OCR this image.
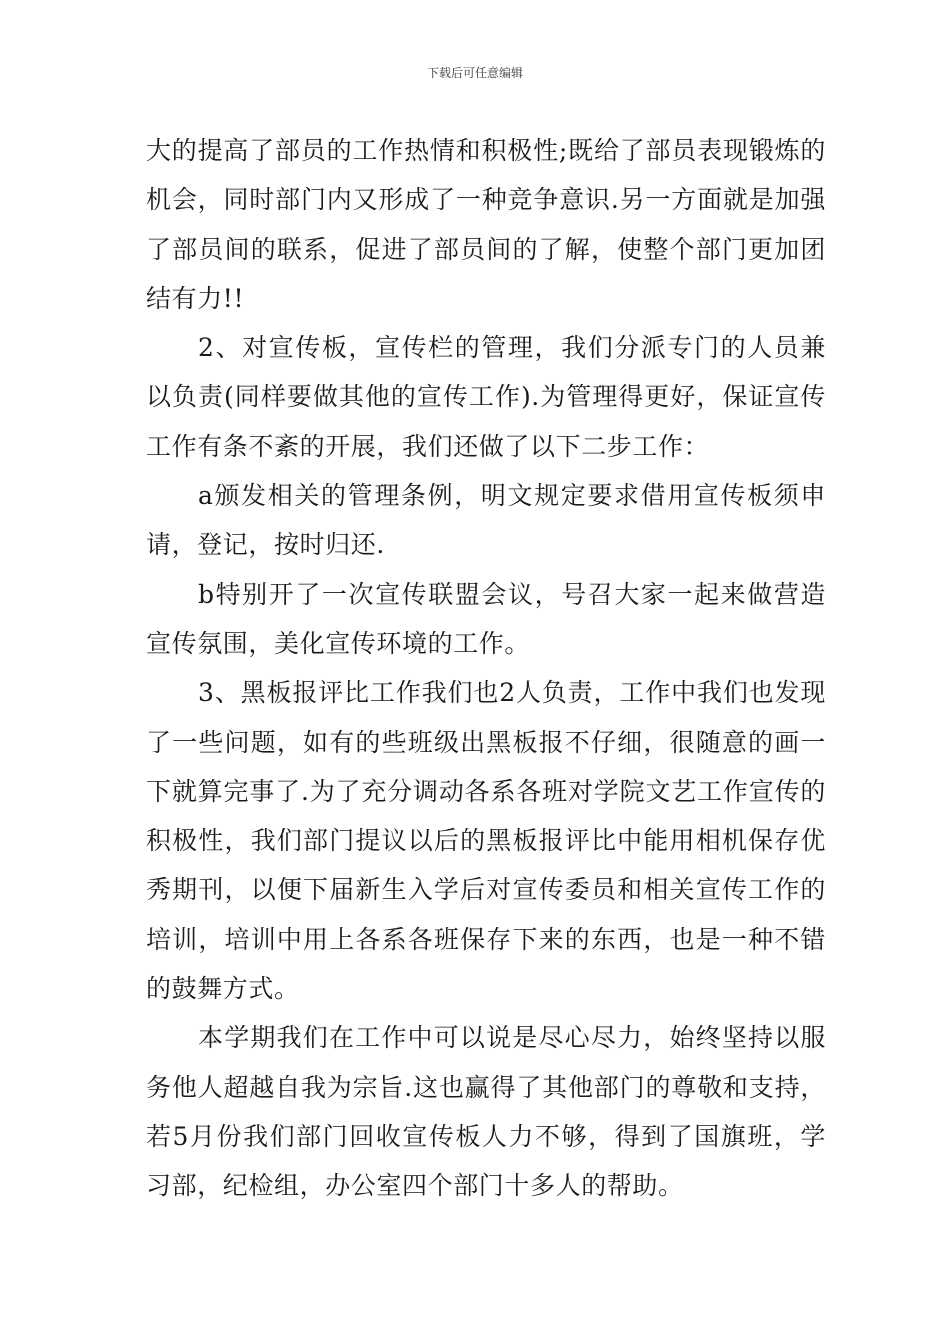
下载后可任意编辑

大的提高了部员的工作热情和积极性;既给了部员表现锻炼的机会，同时部门内又形成了一种竞争意识.另一方面就是加强了部员间的联系，促进了部员间的了解，使整个部门更加团结有力!!

2、对宣传板，宣传栏的管理，我们分派专门的人员兼以负责(同样要做其他的宣传工作).为管理得更好，保证宣传工作有条不紊的开展，我们还做了以下二步工作：

a颁发相关的管理条例，明文规定要求借用宣传板须申请，登记，按时归还.

b特别开了一次宣传联盟会议，号召大家一起来做营造宣传氛围，美化宣传环境的工作。

3、黑板报评比工作我们也2人负责，工作中我们也发现了一些问题，如有的些班级出黑板报不仔细，很随意的画一下就算完事了.为了充分调动各系各班对学院文艺工作宣传的积极性，我们部门提议以后的黑板报评比中能用相机保存优秀期刊，以便下届新生入学后对宣传委员和相关宣传工作的培训，培训中用上各系各班保存下来的东西，也是一种不错的鼓舞方式。

本学期我们在工作中可以说是尽心尽力，始终坚持以服务他人超越自我为宗旨.这也赢得了其他部门的尊敬和支持，若5月份我们部门回收宣传板人力不够，得到了国旗班，学习部，纪检组，办公室四个部门十多人的帮助。
